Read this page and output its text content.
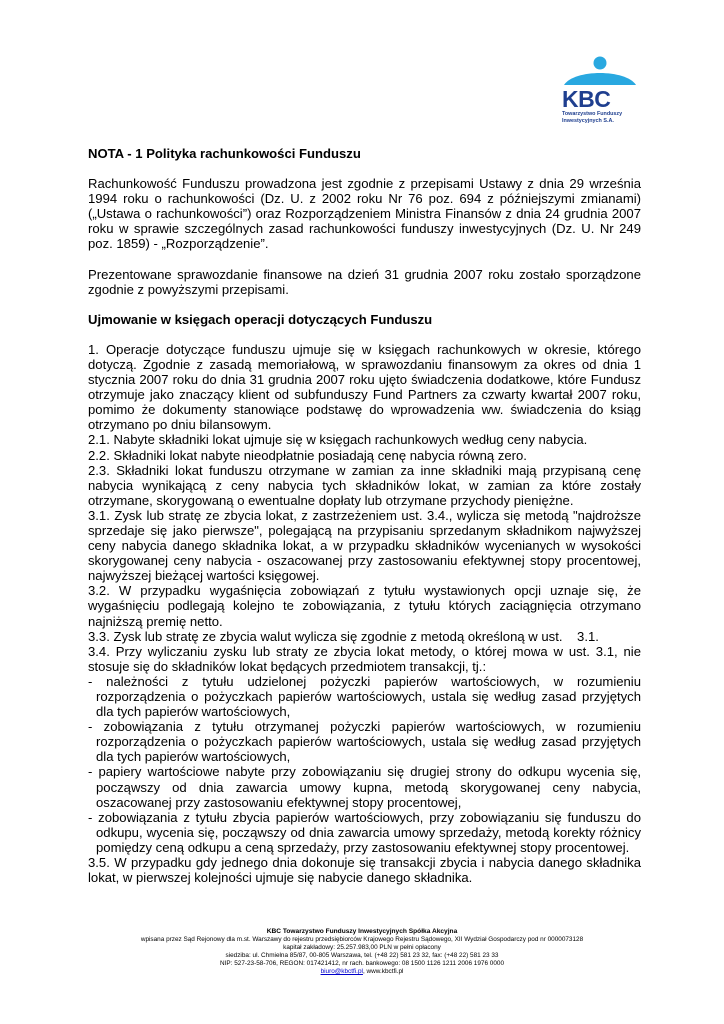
KBC
Towarzystwo Funduszy
Inwestycyjnych S.A.

NOTA - 1 Polityka rachunkowości Funduszu

Rachunkowość Funduszu prowadzona jest zgodnie z przepisami Ustawy z dnia 29 września 1994 roku o rachunkowości (Dz. U. z 2002 roku Nr 76 poz. 694 z późniejszymi zmianami) („Ustawa o rachunkowości”) oraz Rozporządzeniem Ministra Finansów z dnia 24 grudnia 2007 roku w sprawie szczególnych zasad rachunkowości funduszy inwestycyjnych (Dz. U. Nr 249 poz. 1859) - „Rozporządzenie”.

Prezentowane sprawozdanie finansowe na dzień 31 grudnia 2007 roku zostało sporządzone zgodnie z powyższymi przepisami.

Ujmowanie w księgach operacji dotyczących Funduszu

1. Operacje dotyczące funduszu ujmuje się w księgach rachunkowych w okresie, którego dotyczą. Zgodnie z zasadą memoriałową, w sprawozdaniu finansowym za okres od dnia 1 stycznia 2007 roku do dnia 31 grudnia 2007 roku ujęto świadczenia dodatkowe, które Fundusz otrzymuje jako znaczący klient od subfunduszy Fund Partners za czwarty kwartał 2007 roku, pomimo że dokumenty stanowiące podstawę do wprowadzenia ww. świadczenia do ksiąg otrzymano po dniu bilansowym.

2.1. Nabyte składniki lokat ujmuje się w księgach rachunkowych według ceny nabycia.

2.2. Składniki lokat nabyte nieodpłatnie posiadają cenę nabycia równą zero.

2.3. Składniki lokat funduszu otrzymane w zamian za inne składniki mają przypisaną cenę nabycia wynikającą z ceny nabycia tych składników lokat, w zamian za które zostały otrzymane, skorygowaną o ewentualne dopłaty lub otrzymane przychody pieniężne.

3.1. Zysk lub stratę ze zbycia lokat, z zastrzeżeniem ust. 3.4., wylicza się metodą "najdroższe sprzedaje się jako pierwsze", polegającą na przypisaniu sprzedanym składnikom najwyższej ceny nabycia danego składnika lokat, a w przypadku składników wycenianych w wysokości skorygowanej ceny nabycia - oszacowanej przy zastosowaniu efektywnej stopy procentowej, najwyższej bieżącej wartości księgowej.

3.2. W przypadku wygaśnięcia zobowiązań z tytułu wystawionych opcji uznaje się, że wygaśnięciu podlegają kolejno te zobowiązania, z tytułu których zaciągnięcia otrzymano najniższą premię netto.

3.3. Zysk lub stratę ze zbycia walut wylicza się zgodnie z metodą określoną w ust.    3.1.

3.4. Przy wyliczaniu zysku lub straty ze zbycia lokat metody, o której mowa w ust. 3.1, nie stosuje się do składników lokat będących przedmiotem transakcji, tj.:

- należności z tytułu udzielonej pożyczki papierów wartościowych, w rozumieniu rozporządzenia o pożyczkach papierów wartościowych, ustala się według zasad przyjętych dla tych papierów wartościowych,

- zobowiązania z tytułu otrzymanej pożyczki papierów wartościowych, w rozumieniu rozporządzenia o pożyczkach papierów wartościowych, ustala się według zasad przyjętych dla tych papierów wartościowych,

- papiery wartościowe nabyte przy zobowiązaniu się drugiej strony do odkupu wycenia się, począwszy od dnia zawarcia umowy kupna, metodą skorygowanej ceny nabycia, oszacowanej przy zastosowaniu efektywnej stopy procentowej,

- zobowiązania z tytułu zbycia papierów wartościowych, przy zobowiązaniu się funduszu do odkupu, wycenia się, począwszy od dnia zawarcia umowy sprzedaży, metodą korekty różnicy pomiędzy ceną odkupu a ceną sprzedaży, przy zastosowaniu efektywnej stopy procentowej.

3.5. W przypadku gdy jednego dnia dokonuje się transakcji zbycia i nabycia danego składnika lokat, w pierwszej kolejności ujmuje się nabycie danego składnika.

KBC Towarzystwo Funduszy Inwestycyjnych Spółka Akcyjna
wpisana przez Sąd Rejonowy dla m.st. Warszawy do rejestru przedsiębiorców Krajowego Rejestru Sądowego, XII Wydział Gospodarczy pod nr 0000073128
kapitał zakładowy: 25.257.983,00 PLN w pełni opłacony
siedziba: ul. Chmielna 85/87, 00-805 Warszawa, tel. (+48 22) 581 23 32, fax: (+48 22) 581 23 33
NIP: 527-23-58-706, REGON: 017421412, nr rach. bankowego: 08 1500 1126 1211 2006 1976 0000
biuro@kbctfi.pl, www.kbctfi.pl
